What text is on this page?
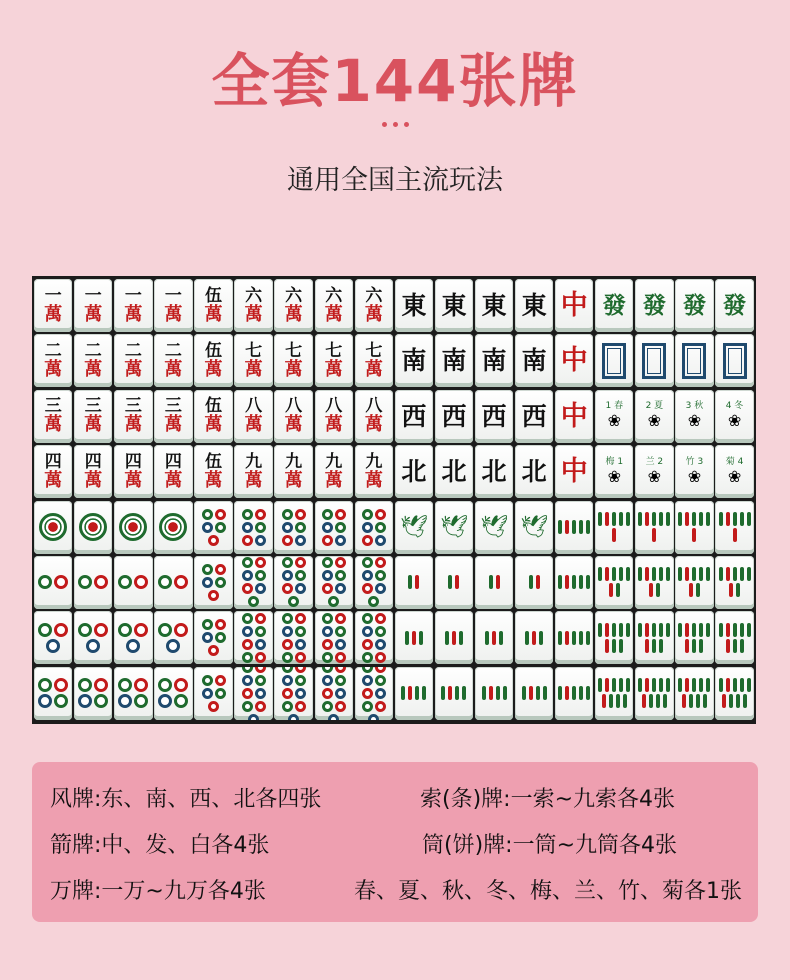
全套144张牌
通用全国主流玩法
一
萬
一
萬
一
萬
一
萬
伍
萬
六
萬
六
萬
六
萬
六
萬 東 東 東 東 中 發 發 發 發
二
萬
二
萬
二
萬
二
萬
伍
萬
七
萬
七
萬
七
萬
七
萬 南 南 南 南 中
三
萬
三
萬
三
萬
三
萬
伍
萬
八
萬
八
萬
八
萬
八
萬 西 西 西 西 中 1 春
❀
2 夏
❀
3 秋
❀
4 冬
❀
四
萬
四
萬
四
萬
四
萬
伍
萬
九
萬
九
萬
九
萬
九
萬 北 北 北 北 中 梅 1
❀
兰 2
❀
竹 3
❀
菊 4
❀
🕊 🕊 🕊 🕊
风牌:东、南、西、北各四张	索(条)牌:一索~九索各4张
箭牌:中、发、白各4张	筒(饼)牌:一筒~九筒各4张
万牌:一万~九万各4张	春、夏、秋、冬、梅、兰、竹、菊各1张
